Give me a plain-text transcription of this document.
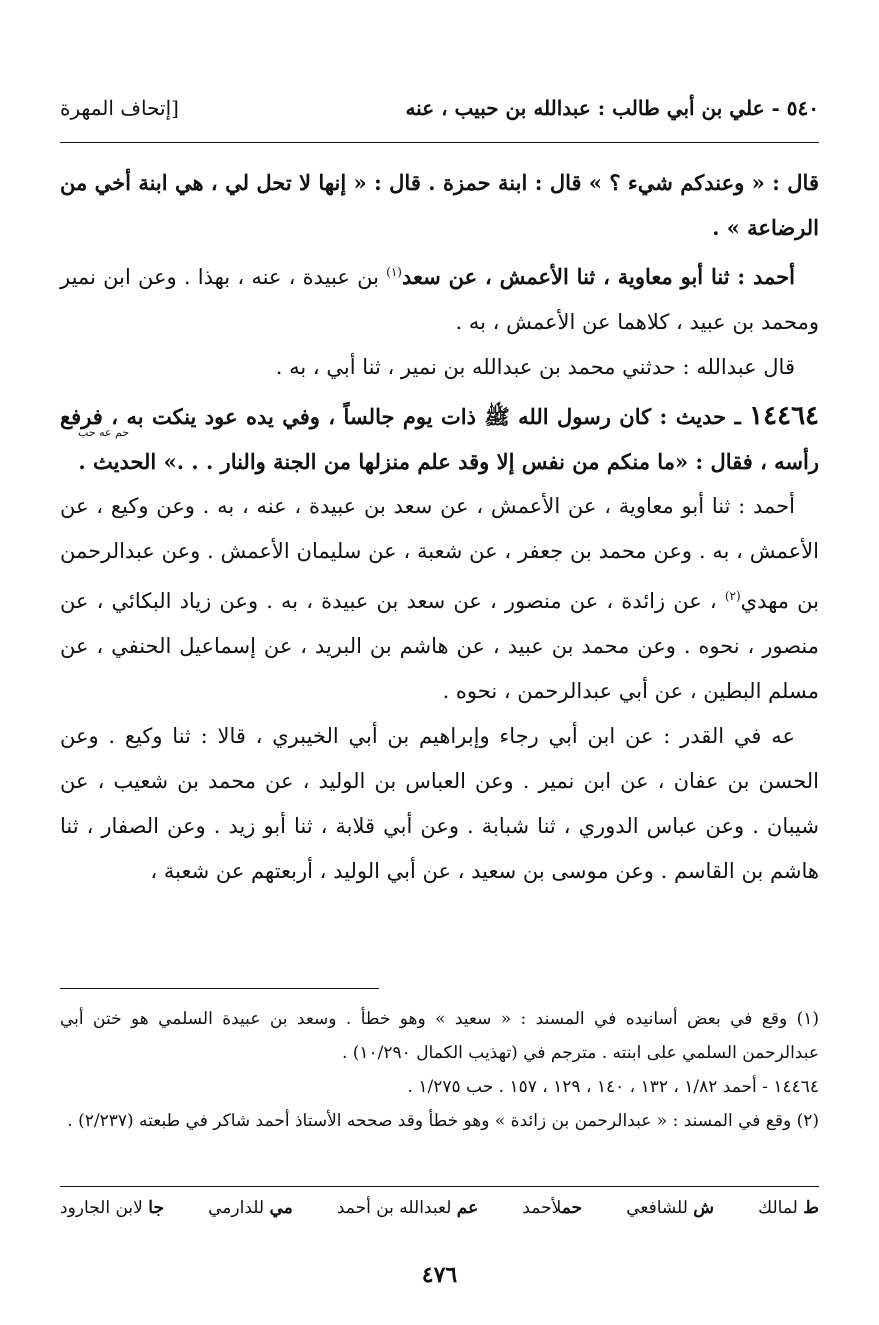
٥٤٠ - علي بن أبي طالب : عبدالله بن حبيب ، عنه
[إتحاف المهرة

قال : « وعندكم شيء ؟ » قال : ابنة حمزة . قال : « إنها لا تحل لي ، هي ابنة أخي من الرضاعة » .

أحمد : ثنا أبو معاوية ، ثنا الأعمش ، عن سعد$^{(١)}$ بن عبيدة ، عنه ، بهذا . وعن ابن نمير ومحمد بن عبيد ، كلاهما عن الأعمش ، به .

قال عبدالله : حدثني محمد بن عبدالله بن نمير ، ثنا أبي ، به .

١٤٤٦٤ ـ حديث : كان رسول الله ﷺ ذات يوم جالساً ، وفي يده عود ينكت به ، فرفع رأسه ، فقال : «ما منكم من نفس إلا وقد علم منزلها من الجنة والنار . . .» الحديث .

أحمد : ثنا أبو معاوية ، عن الأعمش ، عن سعد بن عبيدة ، عنه ، به . وعن وكيع ، عن الأعمش ، به . وعن محمد بن جعفر ، عن شعبة ، عن سليمان الأعمش . وعن عبدالرحمن بن مهدي$^{(٢)}$ ، عن زائدة ، عن منصور ، عن سعد بن عبيدة ، به . وعن زياد البكائي ، عن منصور ، نحوه . وعن محمد بن عبيد ، عن هاشم بن البريد ، عن إسماعيل الحنفي ، عن مسلم البطين ، عن أبي عبدالرحمن ، نحوه .

عه في القدر : عن ابن أبي رجاء وإبراهيم بن أبي الخيبري ، قالا : ثنا وكيع . وعن الحسن بن عفان ، عن ابن نمير . وعن العباس بن الوليد ، عن محمد بن شعيب ، عن شيبان . وعن عباس الدوري ، ثنا شبابة . وعن أبي قلابة ، ثنا أبو زيد . وعن الصفار ، ثنا هاشم بن القاسم . وعن موسى بن سعيد ، عن أبي الوليد ، أربعتهم عن شعبة ،

حم عه حب

(١) وقع في بعض أسانيده في المسند : « سعيد » وهو خطأ . وسعد بن عبيدة السلمي هو ختن أبي عبدالرحمن السلمي على ابنته . مترجم في (تهذيب الكمال ١٠/٢٩٠) .

١٤٤٦٤ - أحمد ١/٨٢ ، ١٣٢ ، ١٤٠ ، ١٢٩ ، ١٥٧ . حب ١/٢٧٥ .

(٢) وقع في المسند : « عبدالرحمن بن زائدة » وهو خطأ وقد صححه الأستاذ أحمد شاكر في طبعته (٢/٢٣٧) .

ط لمالك
ش للشافعي
حملأحمد
عم لعبدالله بن أحمد
مي للدارمي
جا لابن الجارود
٤٧٦
